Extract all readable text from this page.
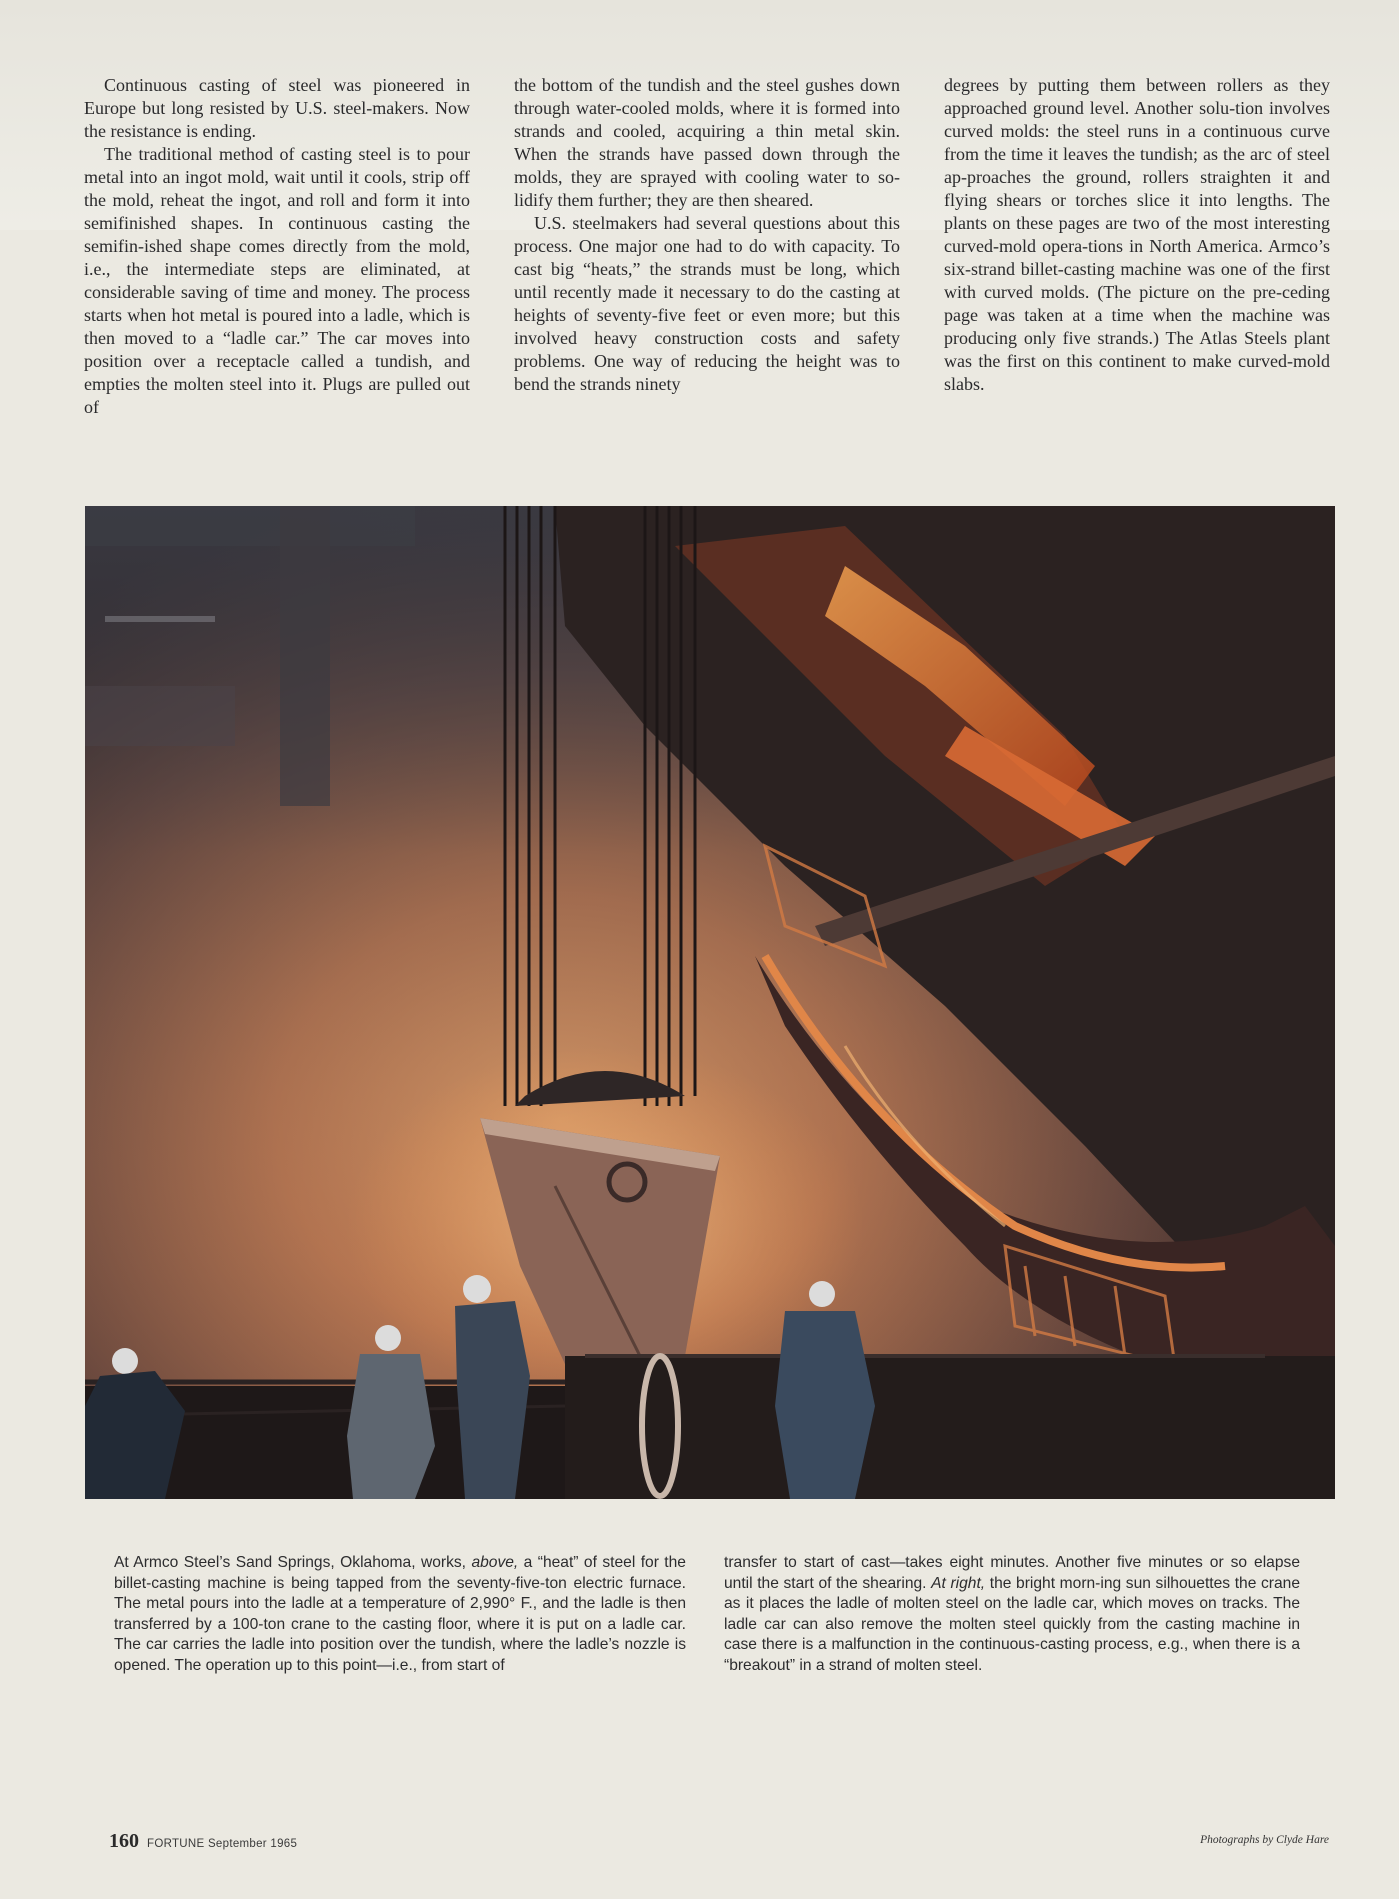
Continuous casting of steel was pioneered in Europe but long resisted by U.S. steel-makers. Now the resistance is ending.

The traditional method of casting steel is to pour metal into an ingot mold, wait until it cools, strip off the mold, reheat the ingot, and roll and form it into semifinished shapes. In continuous casting the semifin-ished shape comes directly from the mold, i.e., the intermediate steps are eliminated, at considerable saving of time and money. The process starts when hot metal is poured into a ladle, which is then moved to a “ladle car.” The car moves into position over a receptacle called a tundish, and empties the molten steel into it. Plugs are pulled out of

the bottom of the tundish and the steel gushes down through water-cooled molds, where it is formed into strands and cooled, acquiring a thin metal skin. When the strands have passed down through the molds, they are sprayed with cooling water to so-lidify them further; they are then sheared.

U.S. steelmakers had several questions about this process. One major one had to do with capacity. To cast big “heats,” the strands must be long, which until recently made it necessary to do the casting at heights of seventy-five feet or even more; but this involved heavy construction costs and safety problems. One way of reducing the height was to bend the strands ninety

degrees by putting them between rollers as they approached ground level. Another solu-tion involves curved molds: the steel runs in a continuous curve from the time it leaves the tundish; as the arc of steel ap-proaches the ground, rollers straighten it and flying shears or torches slice it into lengths. The plants on these pages are two of the most interesting curved-mold opera-tions in North America. Armco’s six-strand billet-casting machine was one of the first with curved molds. (The picture on the pre-ceding page was taken at a time when the machine was producing only five strands.) The Atlas Steels plant was the first on this continent to make curved-mold slabs.

At Armco Steel’s Sand Springs, Oklahoma, works, above, a “heat” of steel for the billet-casting machine is being tapped from the seventy-five-ton electric furnace. The metal pours into the ladle at a temperature of 2,990° F., and the ladle is then transferred by a 100-ton crane to the casting floor, where it is put on a ladle car. The car carries the ladle into position over the tundish, where the ladle’s nozzle is opened. The operation up to this point—i.e., from start of
transfer to start of cast—takes eight minutes. Another five minutes or so elapse until the start of the shearing. At right, the bright morn-ing sun silhouettes the crane as it places the ladle of molten steel on the ladle car, which moves on tracks. The ladle car can also remove the molten steel quickly from the casting machine in case there is a malfunction in the continuous-casting process, e.g., when there is a “breakout” in a strand of molten steel.
160 FORTUNE September 1965	Photographs by Clyde Hare
